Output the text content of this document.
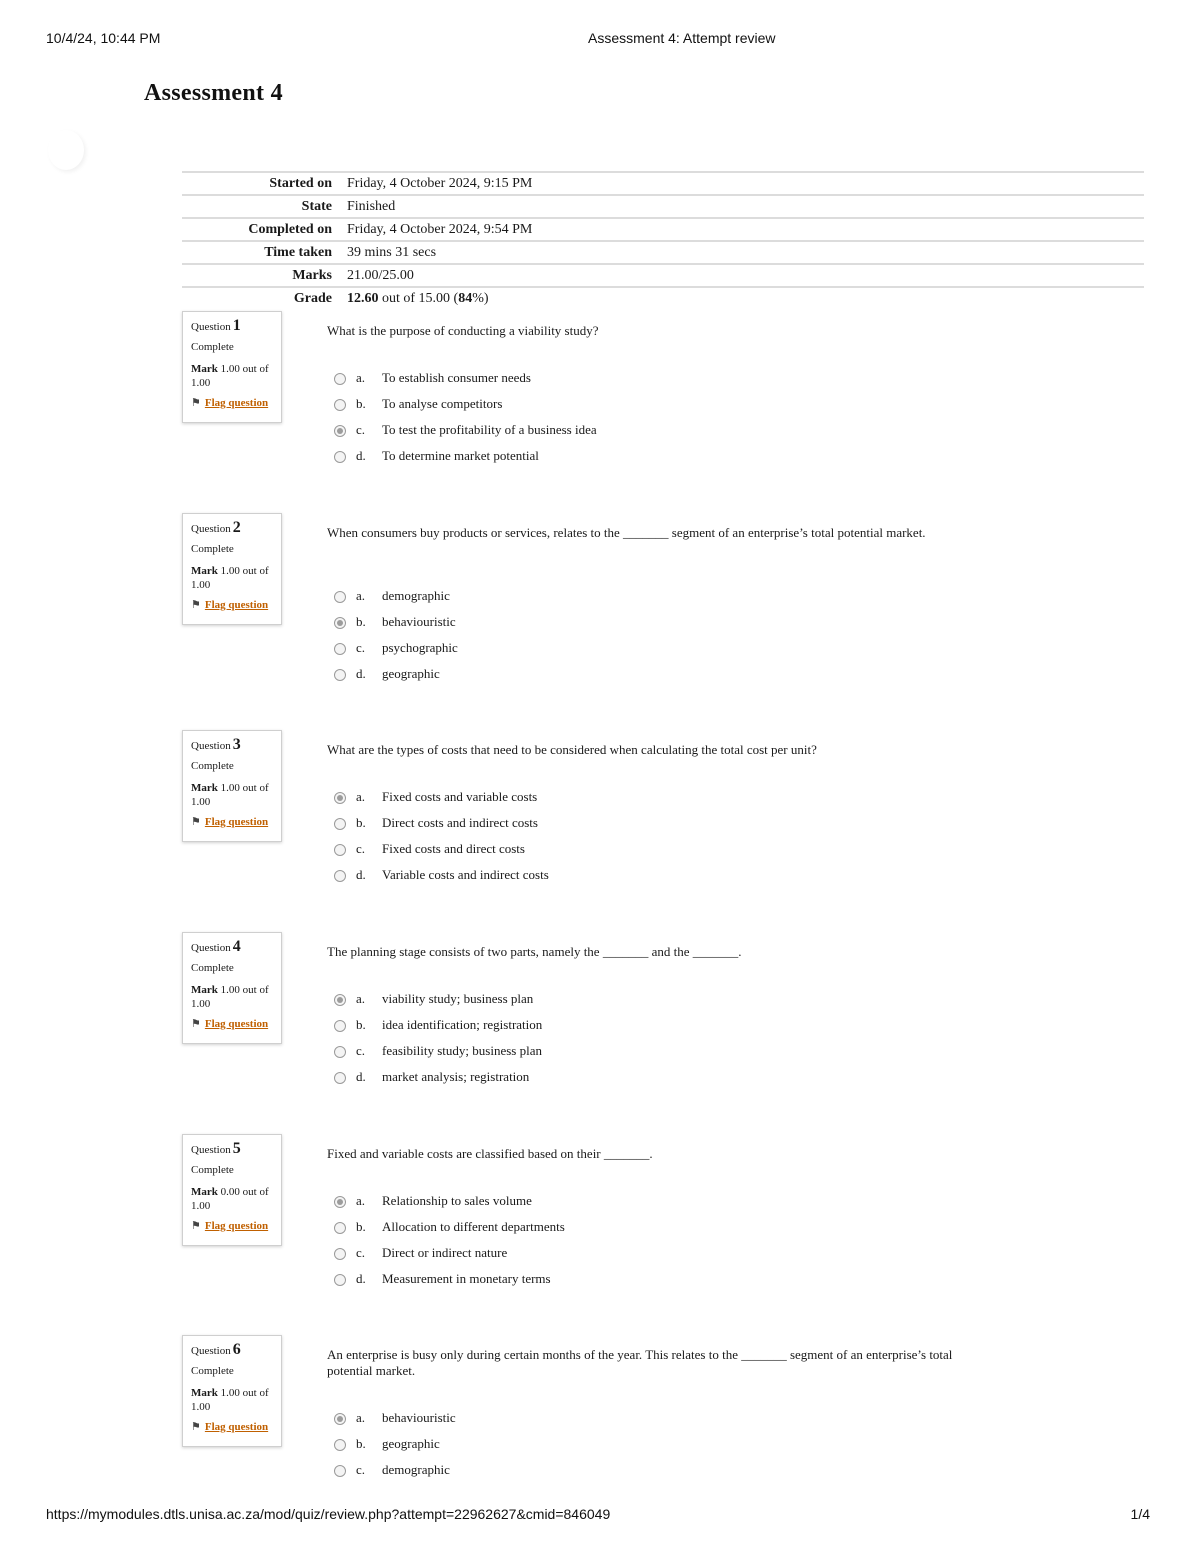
10/4/24, 10:44 PM	Assessment 4: Attempt review
Assessment 4
Started on	Friday, 4 October 2024, 9:15 PM
State	Finished
Completed on	Friday, 4 October 2024, 9:54 PM
Time taken	39 mins 31 secs
Marks	21.00/25.00
Grade	12.60 out of 15.00 (84%)
Question 1
Complete
Mark 1.00 out of
1.00
⚑ Flag question
What is the purpose of conducting a viability study?
a. To establish consumer needs
b. To analyse competitors
c. To test the profitability of a business idea
d. To determine market potential
Question 2
Complete
Mark 1.00 out of
1.00
⚑ Flag question
When consumers buy products or services, relates to the _______ segment of an enterprise’s total potential market.
a. demographic
b. behaviouristic
c. psychographic
d. geographic
Question 3
Complete
Mark 1.00 out of
1.00
⚑ Flag question
What are the types of costs that need to be considered when calculating the total cost per unit?
a. Fixed costs and variable costs
b. Direct costs and indirect costs
c. Fixed costs and direct costs
d. Variable costs and indirect costs
Question 4
Complete
Mark 1.00 out of
1.00
⚑ Flag question
The planning stage consists of two parts, namely the _______ and the _______.
a. viability study; business plan
b. idea identification; registration
c. feasibility study; business plan
d. market analysis; registration
Question 5
Complete
Mark 0.00 out of
1.00
⚑ Flag question
Fixed and variable costs are classified based on their _______.
a. Relationship to sales volume
b. Allocation to different departments
c. Direct or indirect nature
d. Measurement in monetary terms
Question 6
Complete
Mark 1.00 out of
1.00
⚑ Flag question
An enterprise is busy only during certain months of the year. This relates to the _______ segment of an enterprise’s total potential market.
a. behaviouristic
b. geographic
c. demographic
https://mymodules.dtls.unisa.ac.za/mod/quiz/review.php?attempt=22962627&cmid=846049	1/4
